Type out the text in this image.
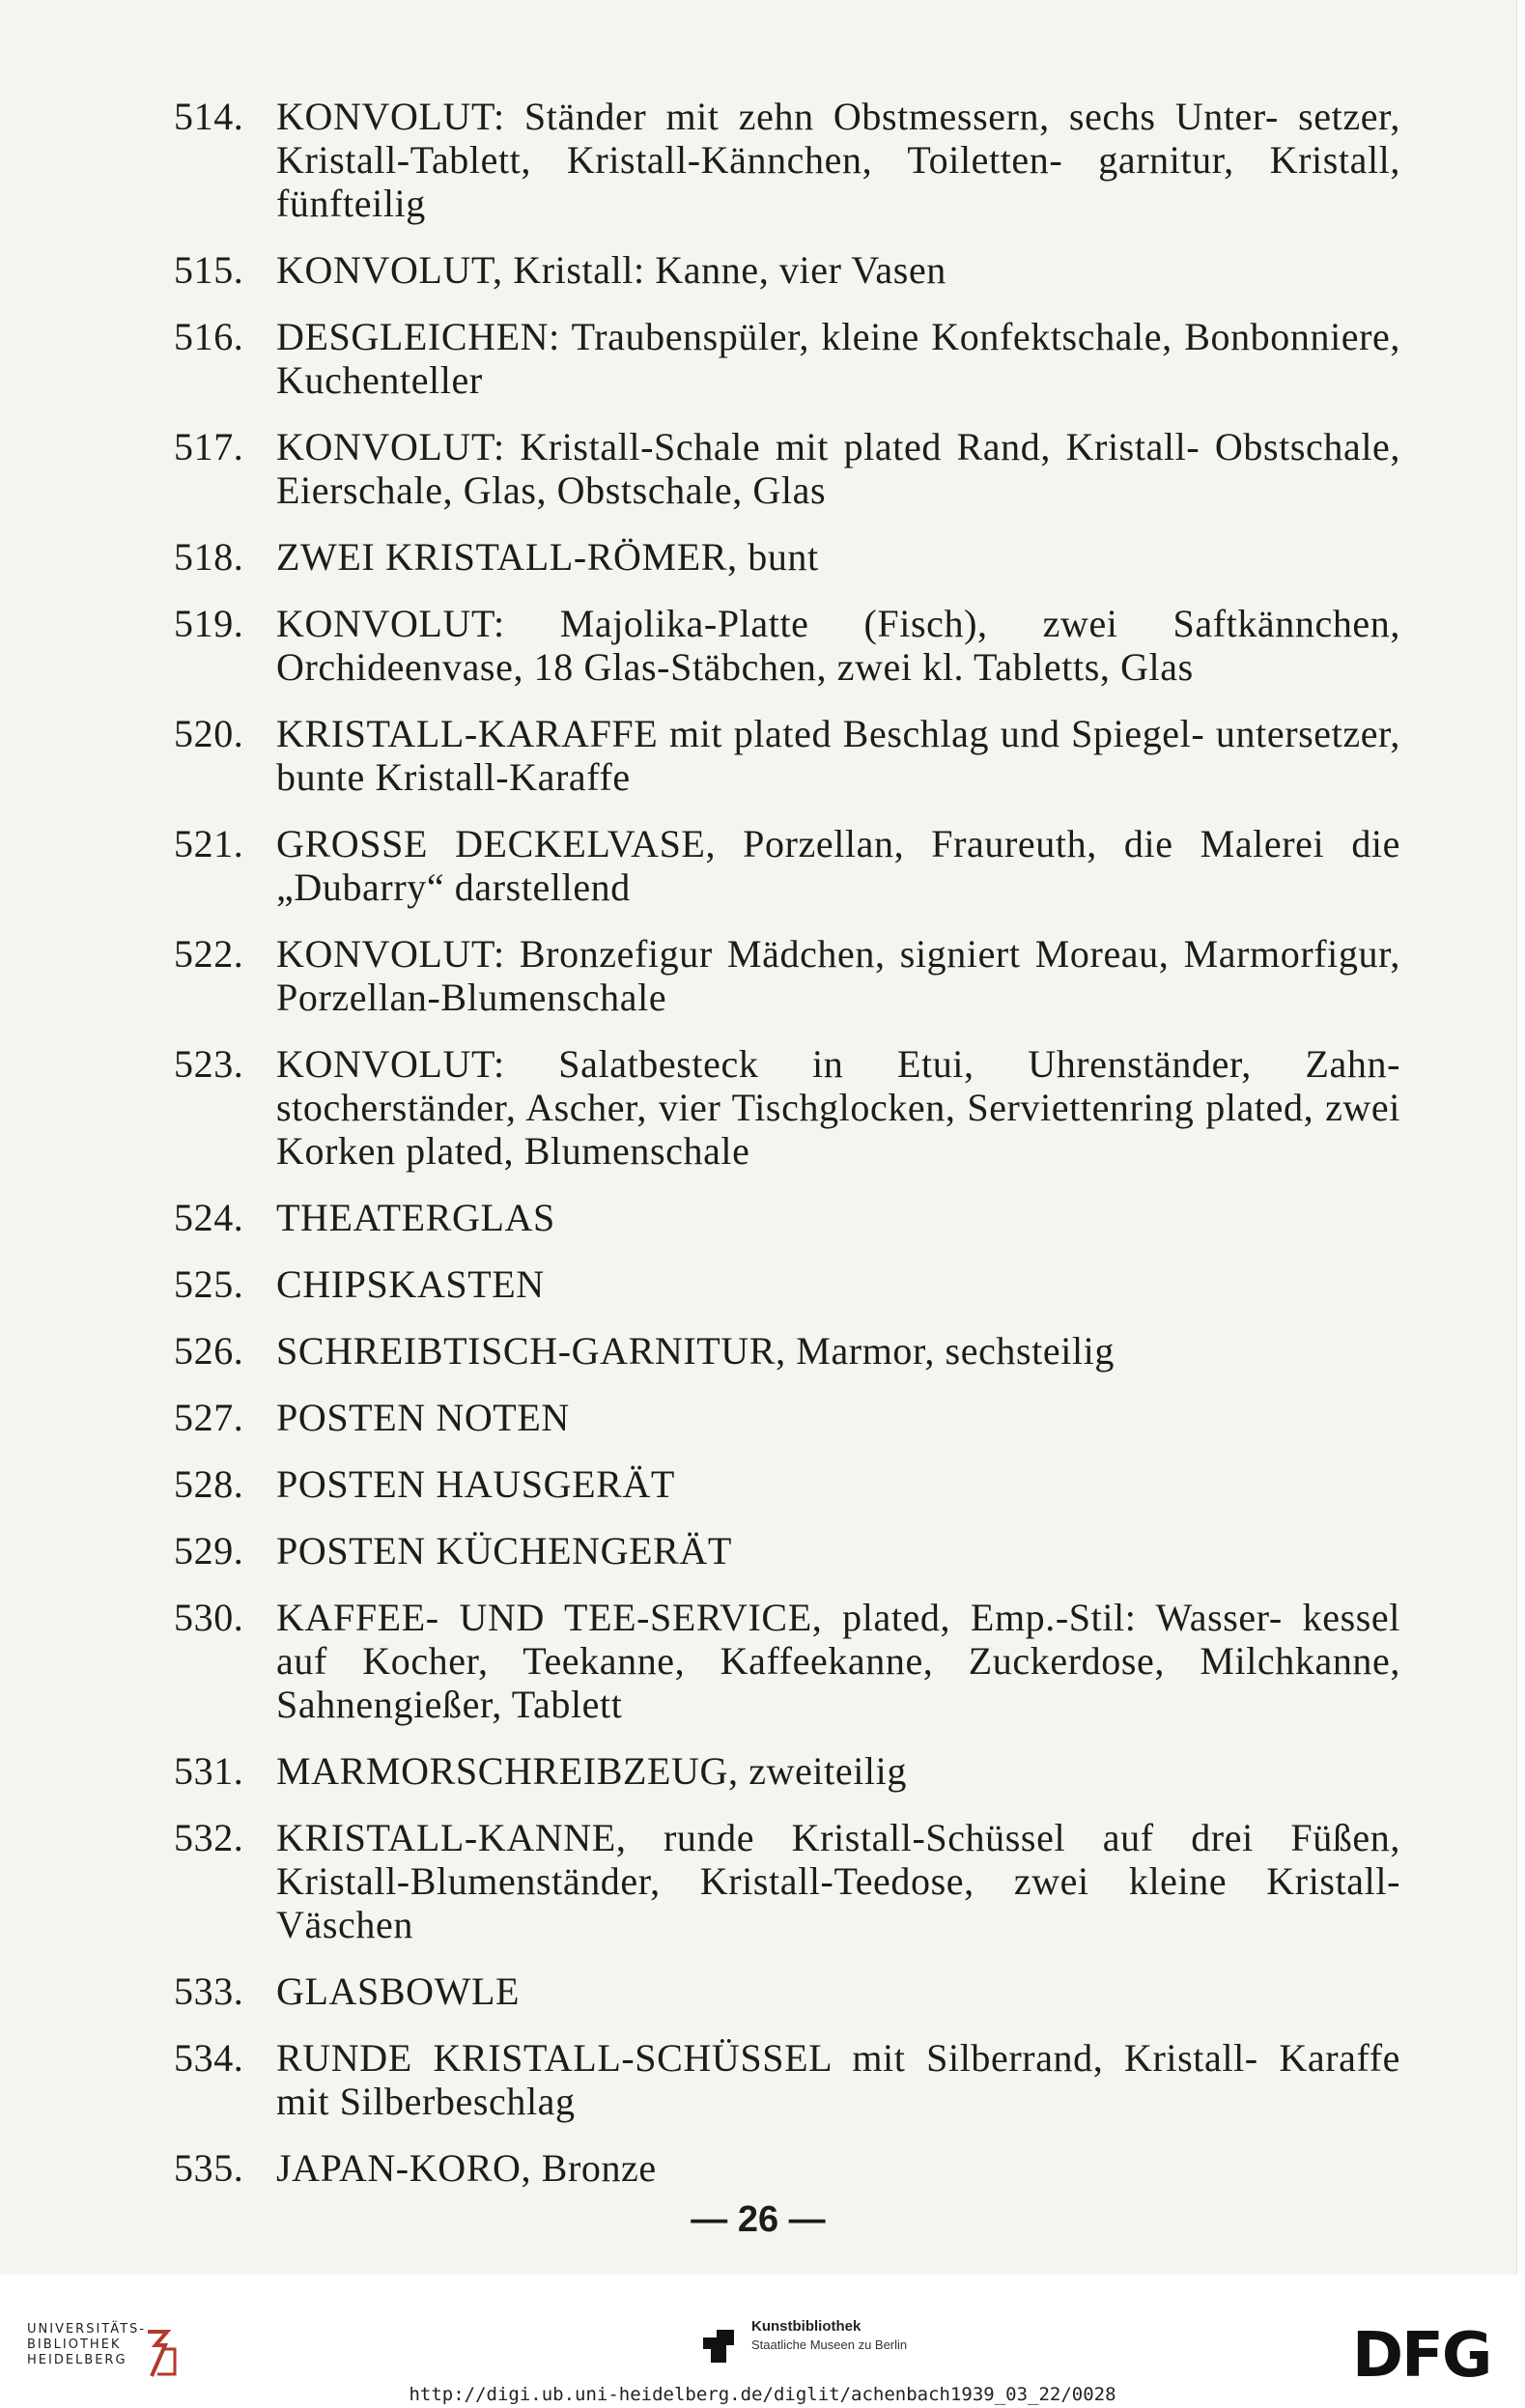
514. KONVOLUT: Ständer mit zehn Obstmessern, sechs Unter- setzer, Kristall-Tablett, Kristall-Kännchen, Toiletten- garnitur, Kristall, fünfteilig
515. KONVOLUT, Kristall: Kanne, vier Vasen
516. DESGLEICHEN: Traubenspüler, kleine Konfektschale, Bonbonniere, Kuchenteller
517. KONVOLUT: Kristall-Schale mit plated Rand, Kristall- Obstschale, Eierschale, Glas, Obstschale, Glas
518. ZWEI KRISTALL-RÖMER, bunt
519. KONVOLUT: Majolika-Platte (Fisch), zwei Saftkännchen, Orchideenvase, 18 Glas-Stäbchen, zwei kl. Tabletts, Glas
520. KRISTALL-KARAFFE mit plated Beschlag und Spiegel- untersetzer, bunte Kristall-Karaffe
521. GROSSE DECKELVASE, Porzellan, Fraureuth, die Malerei die „Dubarry“ darstellend
522. KONVOLUT: Bronzefigur Mädchen, signiert Moreau, Marmorfigur, Porzellan-Blumenschale
523. KONVOLUT: Salatbesteck in Etui, Uhrenständer, Zahn- stocherständer, Ascher, vier Tischglocken, Serviettenring plated, zwei Korken plated, Blumenschale
524. THEATERGLAS
525. CHIPSKASTEN
526. SCHREIBTISCH-GARNITUR, Marmor, sechsteilig
527. POSTEN NOTEN
528. POSTEN HAUSGERÄT
529. POSTEN KÜCHENGERÄT
530. KAFFEE- UND TEE-SERVICE, plated, Emp.-Stil: Wasser- kessel auf Kocher, Teekanne, Kaffeekanne, Zuckerdose, Milchkanne, Sahnengießer, Tablett
531. MARMORSCHREIBZEUG, zweiteilig
532. KRISTALL-KANNE, runde Kristall-Schüssel auf drei Füßen, Kristall-Blumenständer, Kristall-Teedose, zwei kleine Kristall-Väschen
533. GLASBOWLE
534. RUNDE KRISTALL-SCHÜSSEL mit Silberrand, Kristall- Karaffe mit Silberbeschlag
535. JAPAN-KORO, Bronze
— 26 —
UNIVERSITÄTS-
BIBLIOTHEK
HEIDELBERG
Kunstbibliothek
Staatliche Museen zu Berlin	DFG
http://digi.ub.uni-heidelberg.de/diglit/achenbach1939_03_22/0028
